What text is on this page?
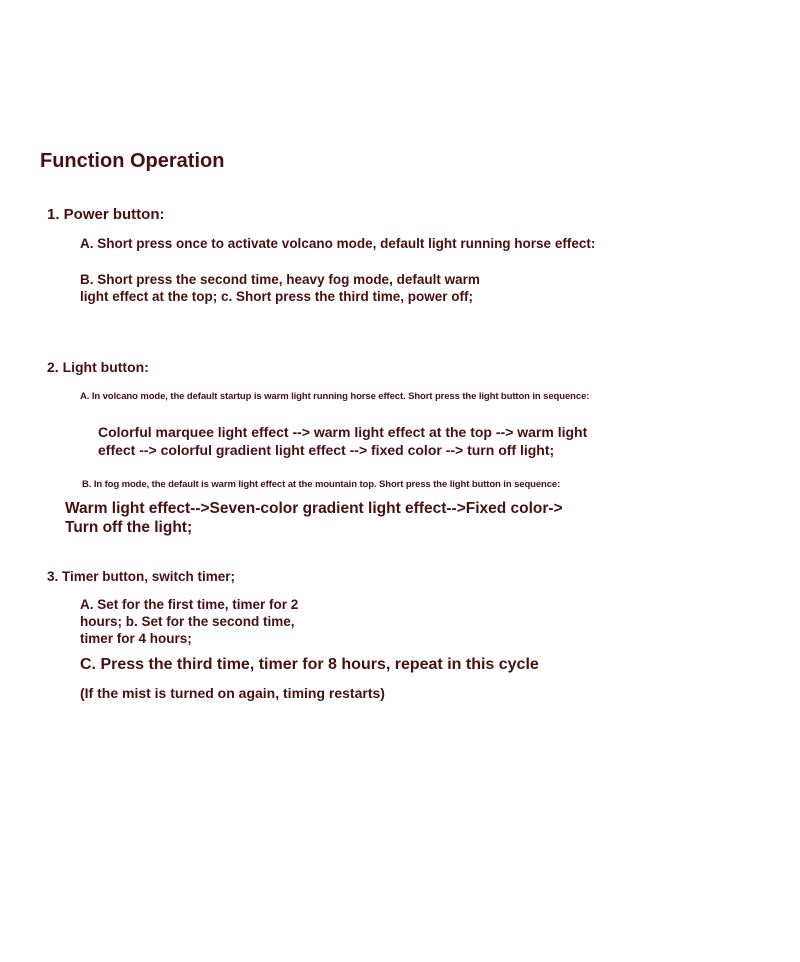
Function Operation
1. Power button:
A. Short press once to activate volcano mode, default light running horse effect:
B. Short press the second time, heavy fog mode, default warm
light effect at the top; c. Short press the third time, power off;
2. Light button:
A. In volcano mode, the default startup is warm light running horse effect. Short press the light button in sequence:
Colorful marquee light effect --> warm light effect at the top --> warm light
effect --> colorful gradient light effect --> fixed color --> turn off light;
B. In fog mode, the default is warm light effect at the mountain top. Short press the light button in sequence:
Warm light effect-->Seven-color gradient light effect-->Fixed color->
Turn off the light;
3. Timer button, switch timer;
A. Set for the first time, timer for 2
hours; b. Set for the second time,
timer for 4 hours;
C. Press the third time, timer for 8 hours, repeat in this cycle
(If the mist is turned on again, timing restarts)
